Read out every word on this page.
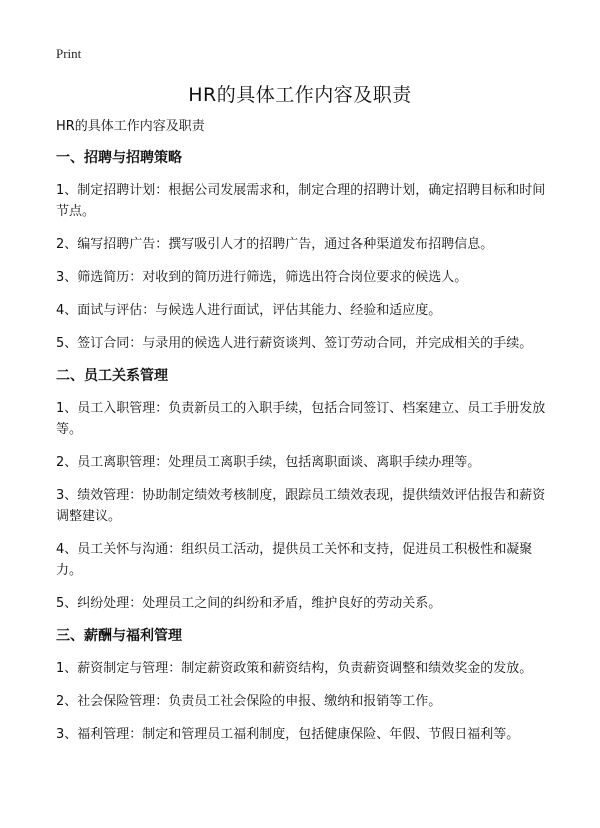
Print
HR的具体工作内容及职责

HR的具体工作内容及职责

一、招聘与招聘策略

1、制定招聘计划：根据公司发展需求和，制定合理的招聘计划，确定招聘目标和时间节点。

2、编写招聘广告：撰写吸引人才的招聘广告，通过各种渠道发布招聘信息。

3、筛选简历：对收到的简历进行筛选，筛选出符合岗位要求的候选人。

4、面试与评估：与候选人进行面试，评估其能力、经验和适应度。

5、签订合同：与录用的候选人进行薪资谈判、签订劳动合同，并完成相关的手续。

二、员工关系管理

1、员工入职管理：负责新员工的入职手续，包括合同签订、档案建立、员工手册发放等。

2、员工离职管理：处理员工离职手续，包括离职面谈、离职手续办理等。

3、绩效管理：协助制定绩效考核制度，跟踪员工绩效表现，提供绩效评估报告和薪资调整建议。

4、员工关怀与沟通：组织员工活动，提供员工关怀和支持，促进员工积极性和凝聚力。

5、纠纷处理：处理员工之间的纠纷和矛盾，维护良好的劳动关系。

三、薪酬与福利管理

1、薪资制定与管理：制定薪资政策和薪资结构，负责薪资调整和绩效奖金的发放。

2、社会保险管理：负责员工社会保险的申报、缴纳和报销等工作。

3、福利管理：制定和管理员工福利制度，包括健康保险、年假、节假日福利等。
